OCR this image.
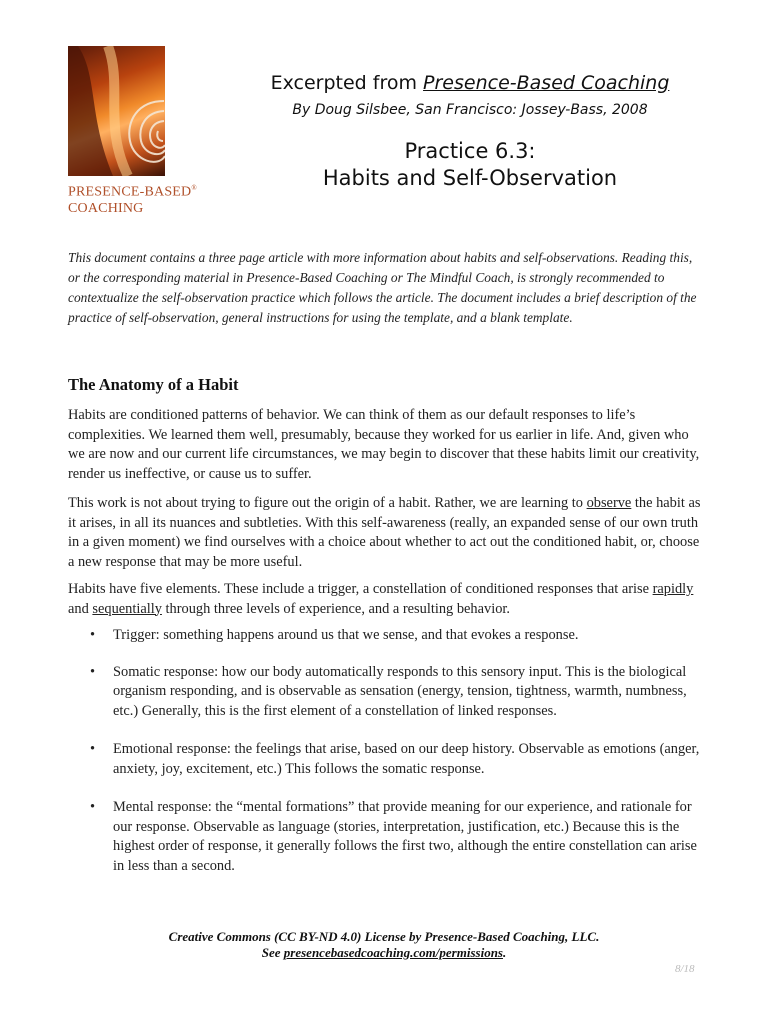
PRESENCE-BASED®
COACHING

Excerpted from Presence-Based Coaching

By Doug Silsbee, San Francisco: Jossey-Bass, 2008
Practice 6.3:
Habits and Self-Observation
This document contains a three page article with more information about habits and self-observations. Reading this, or the corresponding material in Presence-Based Coaching or The Mindful Coach, is strongly recommended to contextualize the self-observation practice which follows the article. The document includes a brief description of the practice of self-observation, general instructions for using the template, and a blank template.
The Anatomy of a Habit
Habits are conditioned patterns of behavior. We can think of them as our default responses to life’s complexities. We learned them well, presumably, because they worked for us earlier in life. And, given who we are now and our current life circumstances, we may begin to discover that these habits limit our creativity, render us ineffective, or cause us to suffer.
This work is not about trying to figure out the origin of a habit. Rather, we are learning to observe the habit as it arises, in all its nuances and subtleties. With this self-awareness (really, an expanded sense of our own truth in a given moment) we find ourselves with a choice about whether to act out the conditioned habit, or, choose a new response that may be more useful.
Habits have five elements. These include a trigger, a constellation of conditioned responses that arise rapidly and sequentially through three levels of experience, and a resulting behavior.
• Trigger: something happens around us that we sense, and that evokes a response.
• Somatic response: how our body automatically responds to this sensory input. This is the biological organism responding, and is observable as sensation (energy, tension, tightness, warmth, numbness, etc.) Generally, this is the first element of a constellation of linked responses.
• Emotional response: the feelings that arise, based on our deep history. Observable as emotions (anger, anxiety, joy, excitement, etc.) This follows the somatic response.
• Mental response: the “mental formations” that provide meaning for our experience, and rationale for our response. Observable as language (stories, interpretation, justification, etc.) Because this is the highest order of response, it generally follows the first two, although the entire constellation can arise in less than a second.
Creative Commons (CC BY-ND 4.0) License by Presence-Based Coaching, LLC.
See presencebasedcoaching.com/permissions.
8/18
